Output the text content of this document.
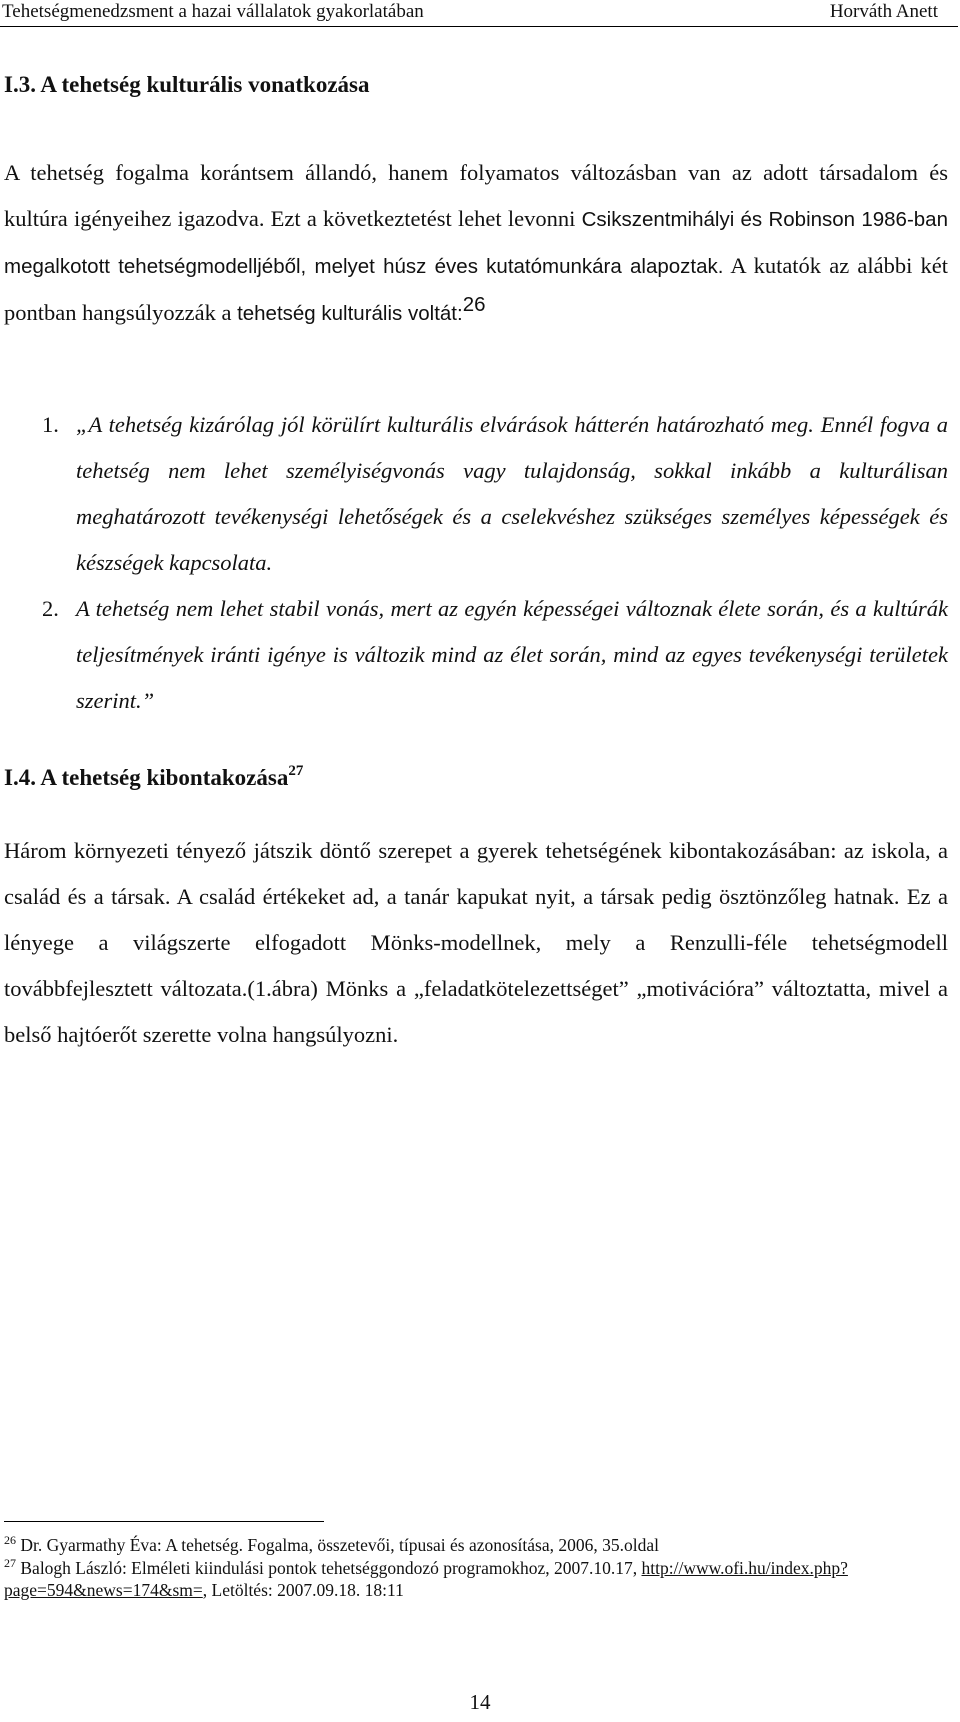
Tehetségmenedzsment a hazai vállalatok gyakorlatában	Horváth Anett
I.3. A tehetség kulturális vonatkozása

A tehetség fogalma korántsem állandó, hanem folyamatos változásban van az adott társadalom és kultúra igényeihez igazodva. Ezt a következtetést lehet levonni Csikszentmihályi és Robinson 1986-ban megalkotott tehetségmodelljéből, melyet húsz éves kutatómunkára alapoztak. A kutatók az alábbi két pontban hangsúlyozzák a tehetség kulturális voltát:$^{26}$

1. „A tehetség kizárólag jól körülírt kulturális elvárások hátterén határozható meg. Ennél fogva a tehetség nem lehet személyiségvonás vagy tulajdonság, sokkal inkább a kulturálisan meghatározott tevékenységi lehetőségek és a cselekvéshez szükséges személyes képességek és készségek kapcsolata.
2. A tehetség nem lehet stabil vonás, mert az egyén képességei változnak élete során, és a kultúrák teljesítmények iránti igénye is változik mind az élet során, mind az egyes tevékenységi területek szerint.”
I.4. A tehetség kibontakozása$^{27}$

Három környezeti tényező játszik döntő szerepet a gyerek tehetségének kibontakozásában: az iskola, a család és a társak. A család értékeket ad, a tanár kapukat nyit, a társak pedig ösztönzőleg hatnak. Ez a lényege a világszerte elfogadott Mönks-modellnek, mely a Renzulli-féle tehetségmodell továbbfejlesztett változata.(1.ábra) Mönks a „feladatkötelezettséget” „motivációra” változtatta, mivel a belső hajtóerőt szerette volna hangsúlyozni.

$^{26}$ Dr. Gyarmathy Éva: A tehetség. Fogalma, összetevői, típusai és azonosítása, 2006, 35.oldal

$^{27}$ Balogh László: Elméleti kiindulási pontok tehetséggondozó programokhoz, 2007.10.17, http://www.ofi.hu/index.php?page=594&news=174&sm=, Letöltés: 2007.09.18. 18:11

14
